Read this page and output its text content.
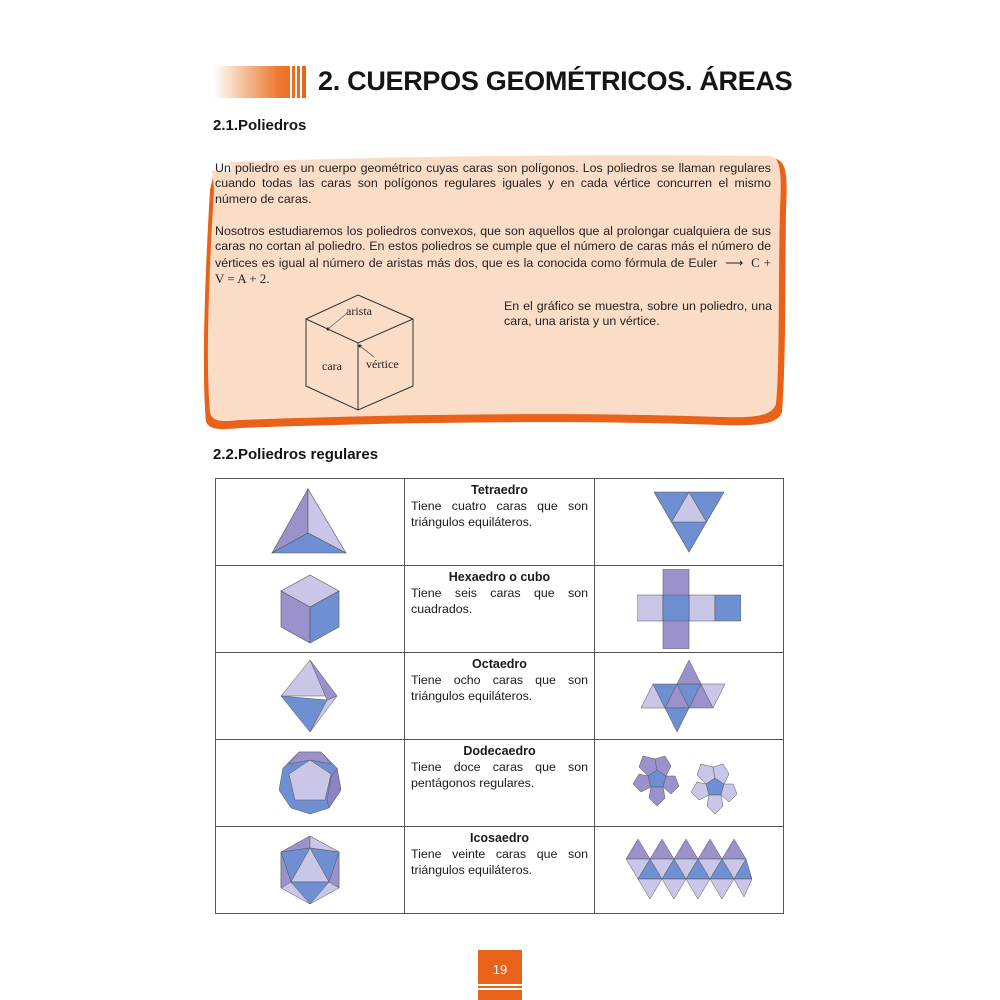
2. CUERPOS GEOMÉTRICOS. ÁREAS
2.1.Poliedros
Un poliedro es un cuerpo geométrico cuyas caras son polígonos. Los poliedros se llaman regulares cuando todas las caras son polígonos regulares iguales y en cada vértice concurren el mismo número de caras.
Nosotros estudiaremos los poliedros convexos, que son aquellos que al prolongar cualquiera de sus caras no cortan al poliedro. En estos poliedros se cumple que el número de caras más el número de vértices es igual al número de aristas más dos, que es la conocida como fórmula de Euler  ⟶  C + V = A + 2.
En el gráfico se muestra, sobre un poliedro, una cara, una arista y un vértice.
arista
cara vértice
2.2.Poliedros regulares

Tetraedro
Tiene cuatro caras que son triángulos equiláteros.

Hexaedro o cubo
Tiene seis caras que son cuadrados.

Octaedro
Tiene ocho caras que son triángulos equiláteros.

Dodecaedro
Tiene doce caras que son pentágonos regulares.

Icosaedro
Tiene veinte caras que son triángulos equiláteros.

19
